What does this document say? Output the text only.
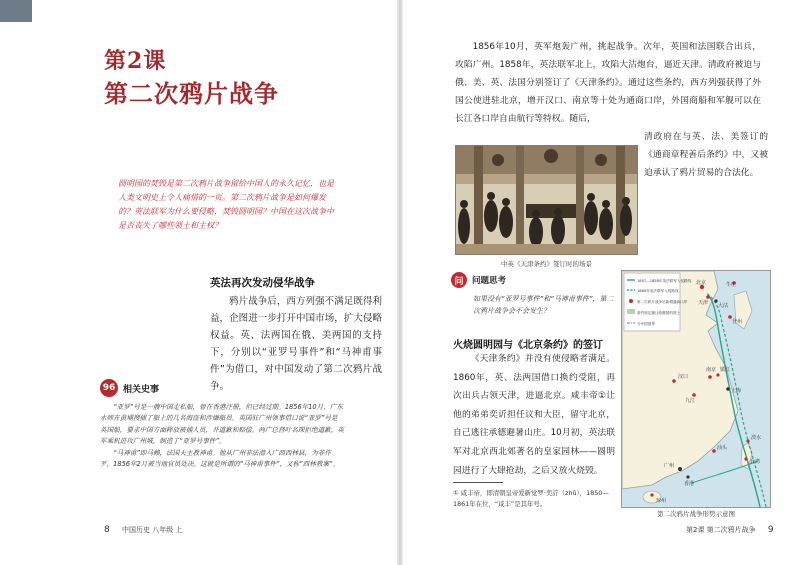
第2课
第二次鸦片战争
圆明园的焚毁是第二次鸦片战争留给中国人的永久记忆，也是人类文明史上令人痛惜的一页。第二次鸦片战争是如何爆发的？英法联军为什么要侵略，焚毁圆明园？中国在这次战争中是否丧失了哪些领土和主权？
英法再次发动侵华战争
鸦片战争后，西方列强不满足既得利益，企图进一步打开中国市场，扩大侵略权益。英、法两国在俄、美两国的支持下，分别以“亚罗号事件”和“马神甫事件”为借口，对中国发动了第二次鸦片战争。
96 相关史事

“亚罗”号是一艘中国走私船，曾在香港注册，但已经过期。1856年10月，广东水师在黄埔搜捕了船上的几名海盗和涉嫌船员。英国驻广州领事借口说“亚罗”号是英国船，要求中国方面释放被捕人员，并道歉和赔偿。两广总督叶名琛拒绝道歉，英军乘机进攻广州城，制造了“亚罗号事件”。

“马神甫”即马赖，法国天主教神甫。他从广州非法潜入广西西林县，为非作歹，1856年2月被当地官员处决。这就是所谓的“马神甫事件”，又称“西林教案”。

8 中国历史 八年级 上
1856年10月，英军炮轰广州，挑起战争。次年，英国和法国联合出兵，攻陷广州。1858年，英法联军北上，攻陷大沽炮台，逼近天津。清政府被迫与俄、美、英、法国分别签订了《天津条约》。通过这些条约，西方列强获得了外国公使进驻北京，增开汉口、南京等十处为通商口岸，外国商船和军舰可以在长江各口岸自由航行等特权。随后，
清政府在与英、法、美签订的《通商章程善后条约》中，又被迫承认了鸦片贸易的合法化。
中英《天津条约》签订时的场景
问	问题思考
如果没有“亚罗号事件”和“马神甫事件”，第二次鸦片战争会不会发生？
火烧圆明园与《北京条约》的签订
《天津条约》并没有使侵略者满足。1860年，英、法两国借口换约受阻，再次出兵占领天津，进逼北京。咸丰帝①让他的弟弟奕䜣担任议和大臣，留守北京，自己逃往承德避暑山庄。10月初，英法联军对北京西北郊著名的皇家园林——圆明园进行了大肆抢劫，之后又放火烧毁。
① 咸丰帝，即清朝皇帝爱新觉罗·奕詝（zhǔ），1850—1861年在位，“咸丰”是其年号。
1857—1858年英法联军入侵路线
1860年英法联军入侵路线
第二次鸦片战争后新增通商口岸
条约规定割让给俄国的领土
今中国国界
北京
天津 大沽
登州
牛庄
上海
南京
汉口
九江
镇江
淡水
台湾
汕头
广州
香港
琼州
第二次鸦片战争形势示意图
第2课 第二次鸦片战争 9
